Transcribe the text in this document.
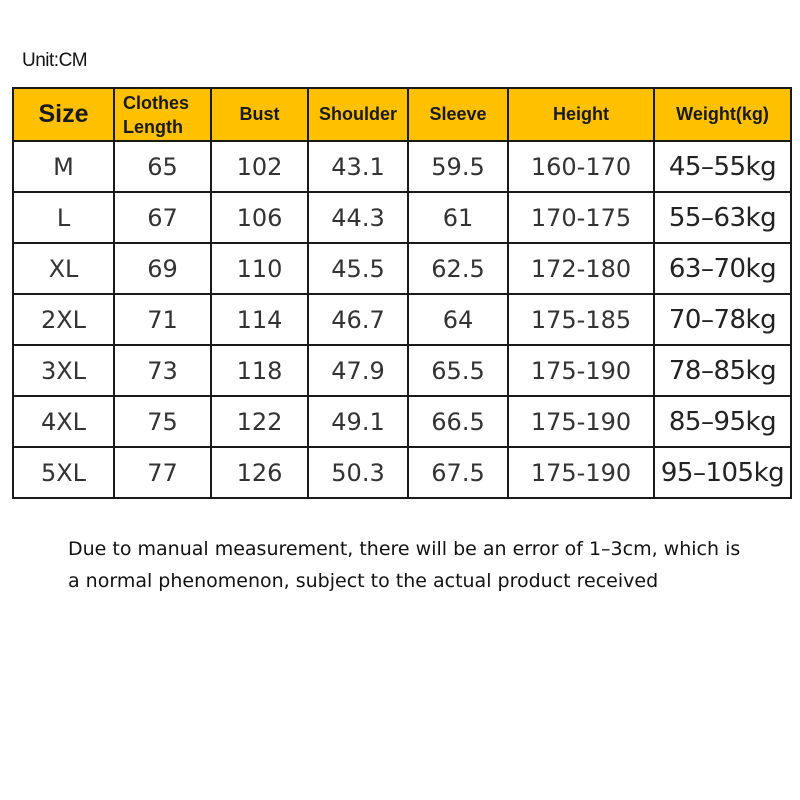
Unit:CM
Size	Clothes Length	Bust	Shoulder	Sleeve	Height	Weight(kg)
M	65	102	43.1	59.5	160-170	45–55kg
L	67	106	44.3	61	170-175	55–63kg
XL	69	110	45.5	62.5	172-180	63–70kg
2XL	71	114	46.7	64	175-185	70–78kg
3XL	73	118	47.9	65.5	175-190	78–85kg
4XL	75	122	49.1	66.5	175-190	85–95kg
5XL	77	126	50.3	67.5	175-190	95–105kg
Due to manual measurement, there will be an error of 1–3cm, which is
a normal phenomenon, subject to the actual product received
